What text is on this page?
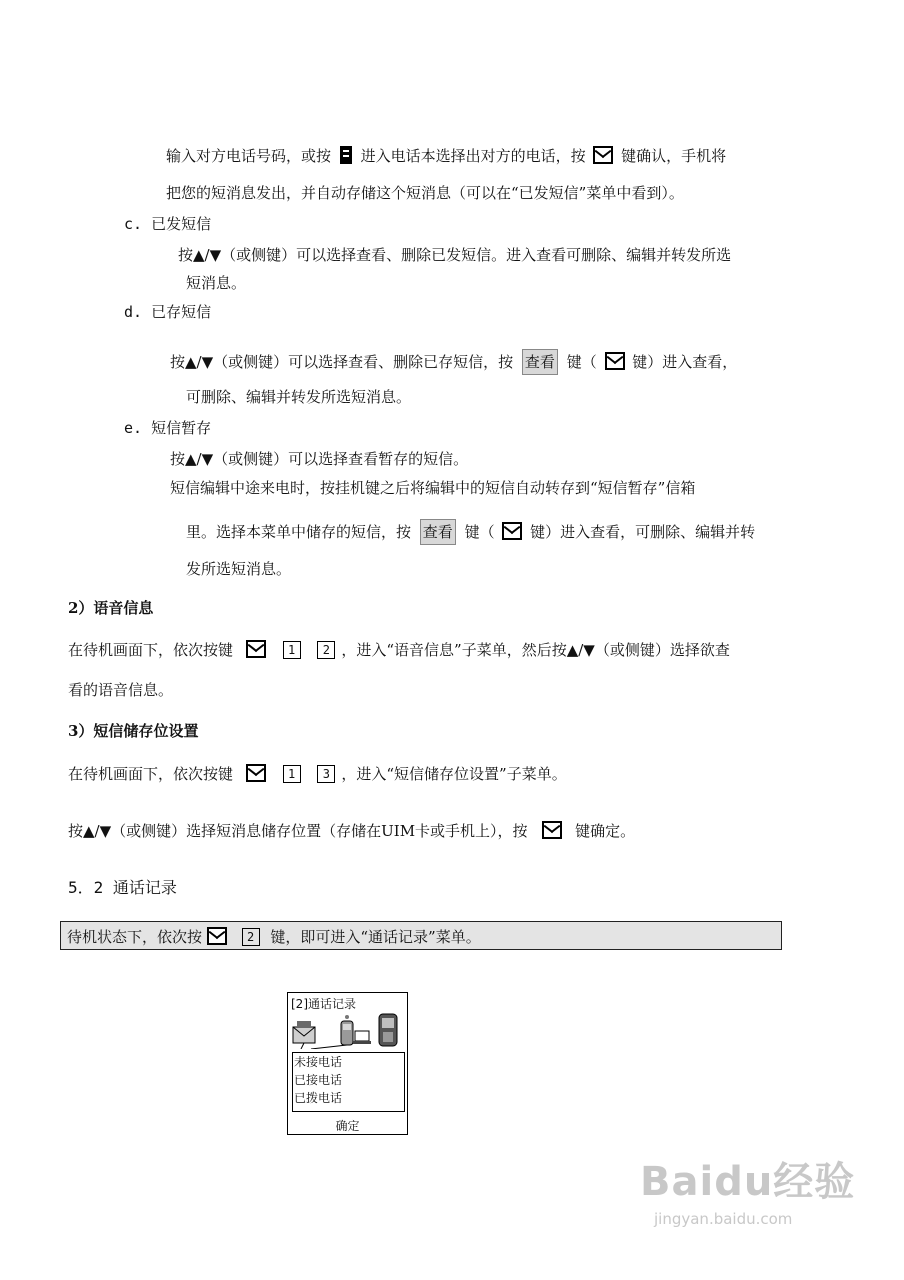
输入对方电话号码，或按 进入电话本选择出对方的电话，按 键确认，手机将
把您的短消息发出，并自动存储这个短消息（可以在“已发短信”菜单中看到）。
c. 已发短信
按▲/▼（或侧键）可以选择查看、删除已发短信。进入查看可删除、编辑并转发所选
短消息。
d. 已存短信
按▲/▼（或侧键）可以选择查看、删除已存短信，按 查看 键（ 键）进入查看，
可删除、编辑并转发所选短消息。
e. 短信暂存
按▲/▼（或侧键）可以选择查看暂存的短信。
短信编辑中途来电时，按挂机键之后将编辑中的短信自动转存到“短信暂存”信箱
里。选择本菜单中储存的短信，按 查看 键（ 键）进入查看，可删除、编辑并转
发所选短消息。
2）语音信息
在待机画面下，依次按键	1 2 ，进入“语音信息”子菜单，然后按▲/▼（或侧键）选择欲查
看的语音信息。
3）短信储存位设置
在待机画面下，依次按键	1 3 ，进入“短信储存位设置”子菜单。
按▲/▼（或侧键）选择短消息储存位置（存储在UIM卡或手机上），按	键确定。
5．2 通话记录
待机状态下，依次按	2 键，即可进入“通话记录”菜单。
[2]通话记录
未接电话
已接电话
已拨电话
确定
Baidu经验
jingyan.baidu.com
